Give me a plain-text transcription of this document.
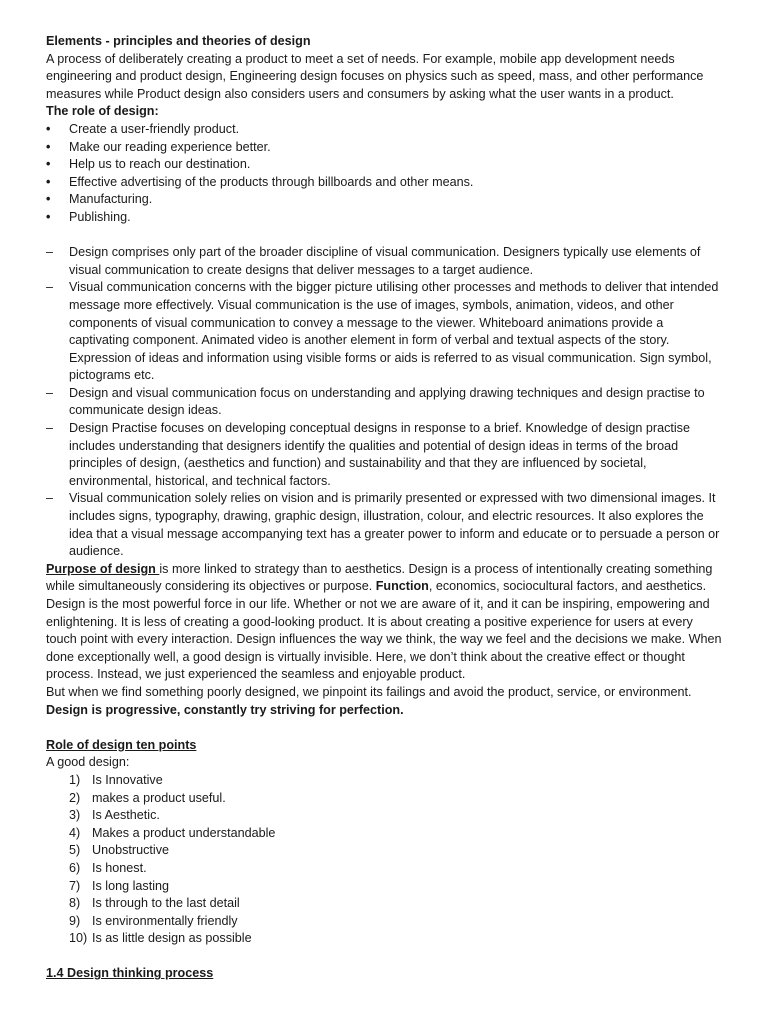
Elements - principles and theories of design

A process of deliberately creating a product to meet a set of needs. For example, mobile app development needs engineering and product design, Engineering design focuses on physics such as speed, mass, and other performance measures while Product design also considers users and consumers by asking what the user wants in a product.

The role of design:

• Create a user-friendly product.
• Make our reading experience better.
• Help us to reach our destination.
• Effective advertising of the products through billboards and other means.
• Manufacturing.
• Publishing.
– Design comprises only part of the broader discipline of visual communication. Designers typically use elements of visual communication to create designs that deliver messages to a target audience.
– Visual communication concerns with the bigger picture utilising other processes and methods to deliver that intended message more effectively. Visual communication is the use of images, symbols, animation, videos, and other components of visual communication to convey a message to the viewer. Whiteboard animations provide a captivating component. Animated video is another element in form of verbal and textual aspects of the story. Expression of ideas and information using visible forms or aids is referred to as visual communication. Sign symbol, pictograms etc.
– Design and visual communication focus on understanding and applying drawing techniques and design practise to communicate design ideas.
– Design Practise focuses on developing conceptual designs in response to a brief. Knowledge of design practise includes understanding that designers identify the qualities and potential of design ideas in terms of the broad principles of design, (aesthetics and function) and sustainability and that they are influenced by societal, environmental, historical, and technical factors.
– Visual communication solely relies on vision and is primarily presented or expressed with two dimensional images. It includes signs, typography, drawing, graphic design, illustration, colour, and electric resources. It also explores the idea that a visual message accompanying text has a greater power to inform and educate or to persuade a person or audience.

Purpose of design is more linked to strategy than to aesthetics. Design is a process of intentionally creating something while simultaneously considering its objectives or purpose. Function, economics, sociocultural factors, and aesthetics. Design is the most powerful force in our life. Whether or not we are aware of it, and it can be inspiring, empowering and enlightening. It is less of creating a good-looking product. It is about creating a positive experience for users at every touch point with every interaction. Design influences the way we think, the way we feel and the decisions we make. When done exceptionally well, a good design is virtually invisible. Here, we don’t think about the creative effect or thought process. Instead, we just experienced the seamless and enjoyable product.

But when we find something poorly designed, we pinpoint its failings and avoid the product, service, or environment.

Design is progressive, constantly try striving for perfection.

Role of design ten points

A good design:

1) Is Innovative
2) makes a product useful.
3) Is Aesthetic.
4) Makes a product understandable
5) Unobstructive
6) Is honest.
7) Is long lasting
8) Is through to the last detail
9) Is environmentally friendly
10) Is as little design as possible

1.4 Design thinking process
